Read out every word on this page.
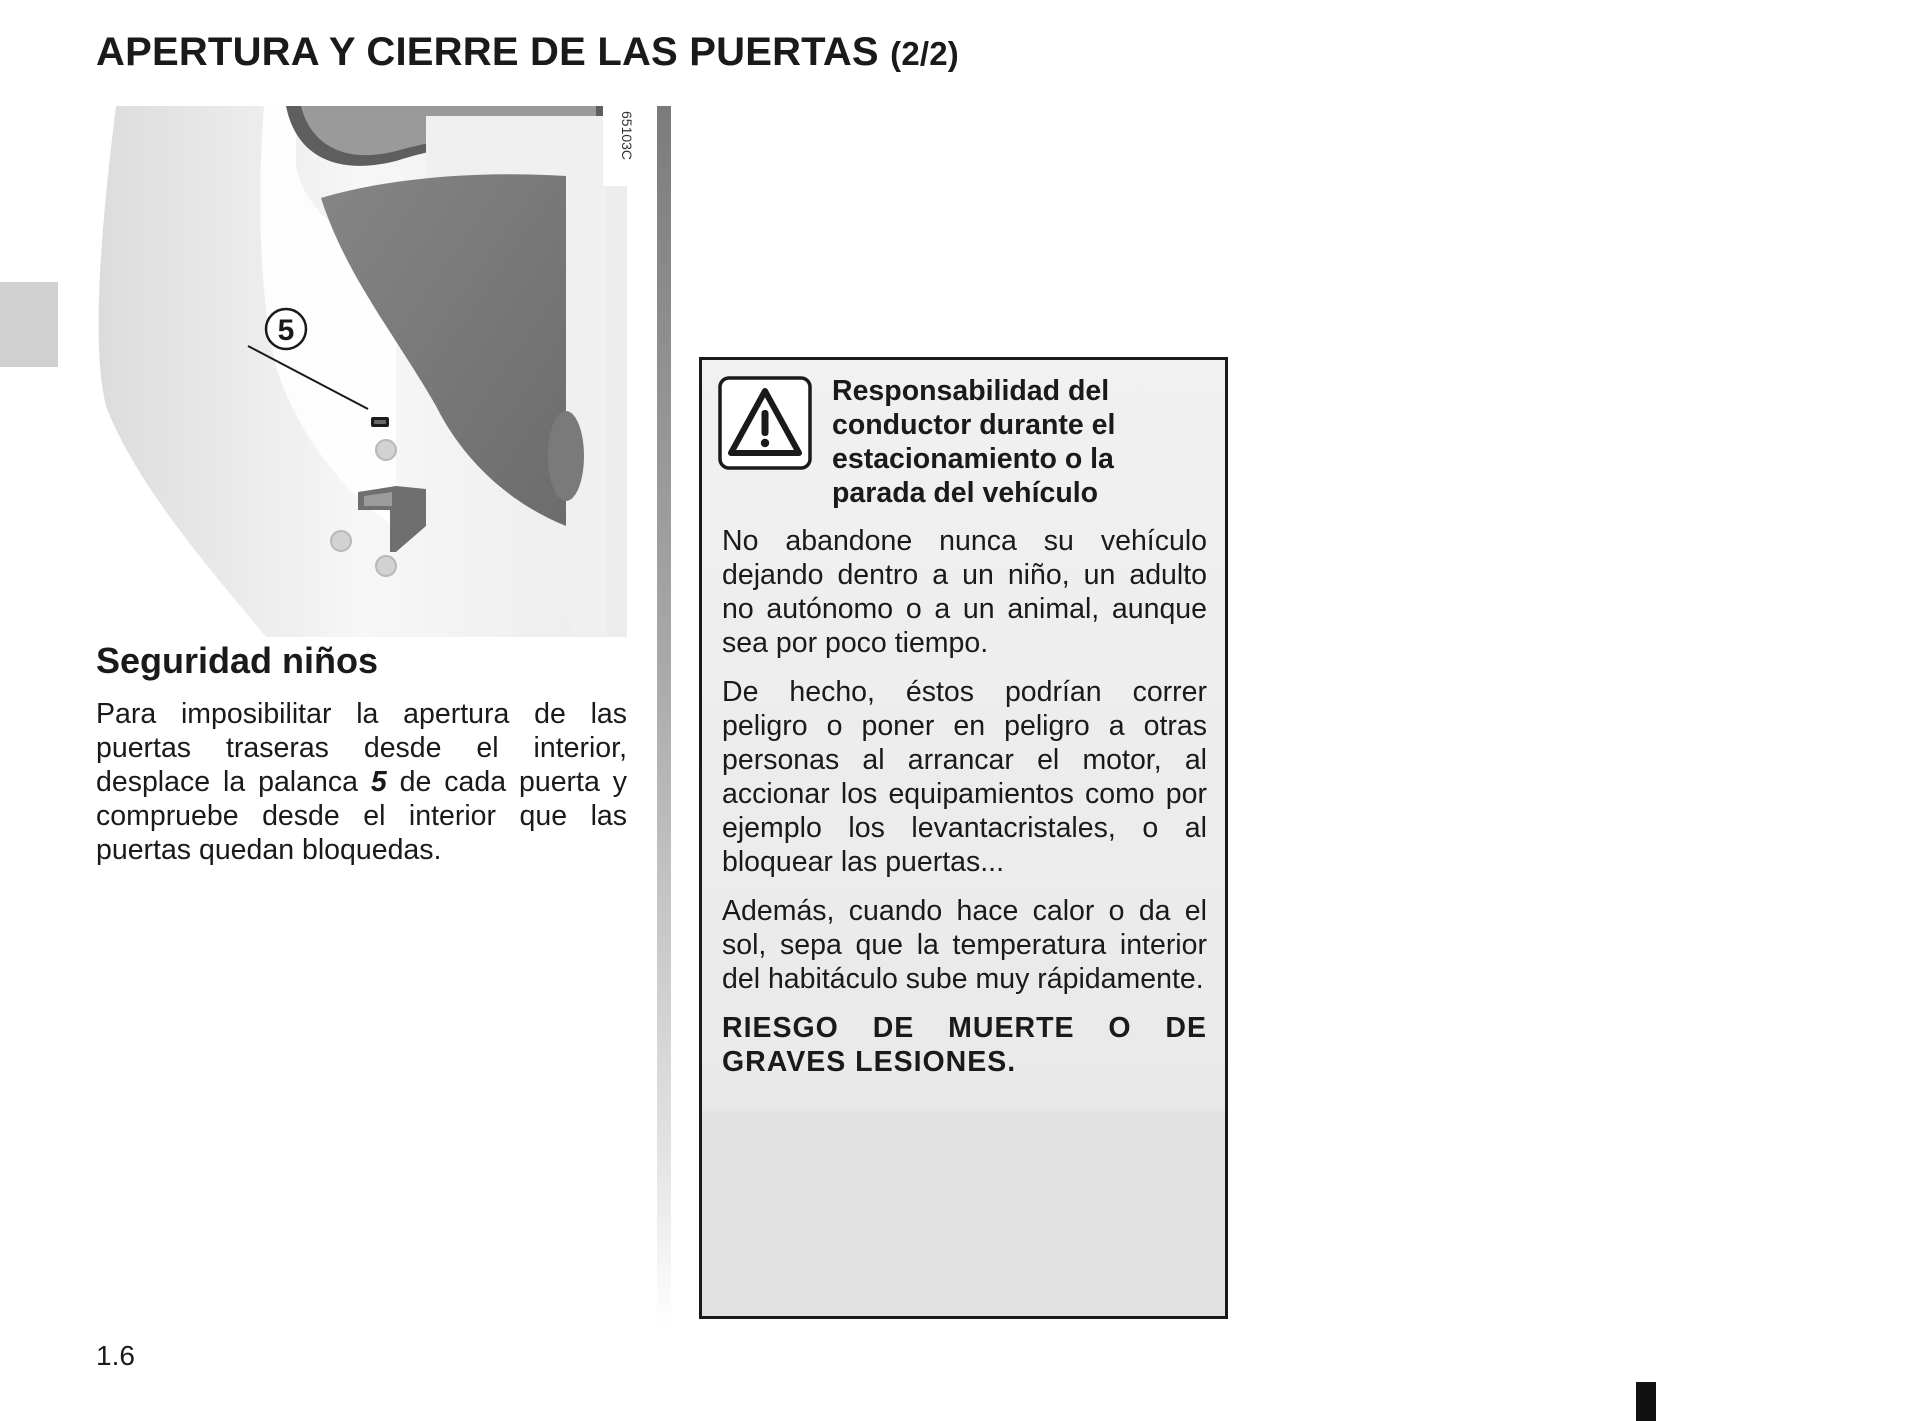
APERTURA Y CIERRE DE LAS PUERTAS (2/2)
5
65103C
Seguridad niños

Para imposibilitar la apertura de las puertas traseras desde el interior, desplace la palanca 5 de cada puerta y compruebe desde el interior que las puertas quedan bloquedas.

Responsabilidad del conductor durante el estacionamiento o la parada del vehículo

No abandone nunca su vehículo dejando dentro a un niño, un adulto no autónomo o a un animal, aunque sea por poco tiempo.

De hecho, éstos podrían correr peligro o poner en peligro a otras personas al arrancar el motor, al accionar los equipamientos como por ejemplo los levantacristales, o al bloquear las puertas...

Además, cuando hace calor o da el sol, sepa que la temperatura interior del habitáculo sube muy rápidamente.

RIESGO DE MUERTE O DE GRAVES LESIONES.

1.6
